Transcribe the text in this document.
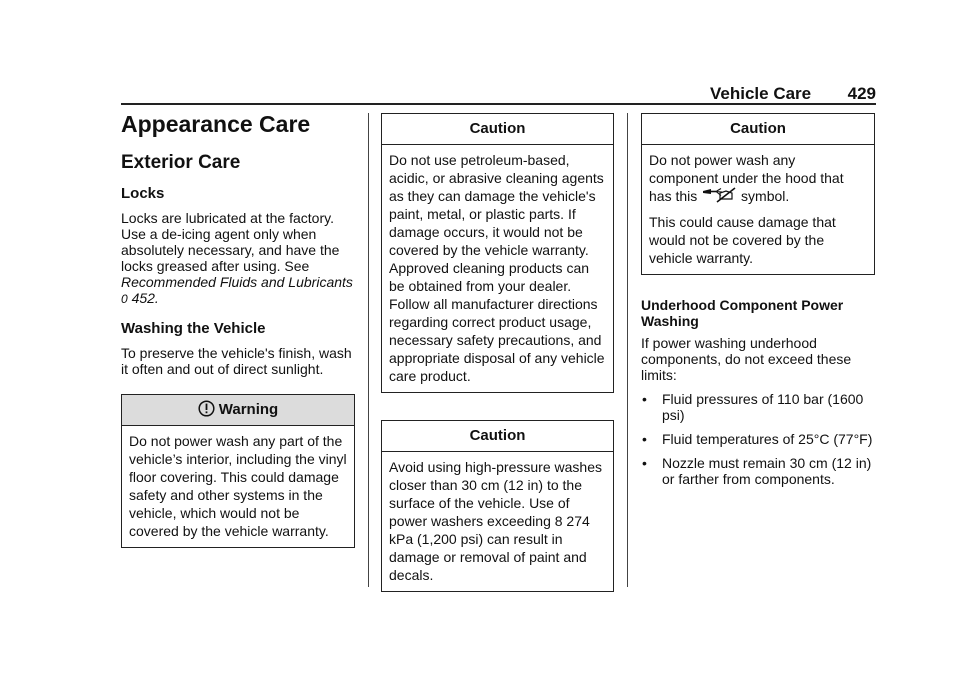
Vehicle Care 429
Appearance Care
Exterior Care
Locks

Locks are lubricated at the factory. Use a de-icing agent only when absolutely necessary, and have the locks greased after using. See Recommended Fluids and Lubricants 0 452.

Washing the Vehicle

To preserve the vehicle's finish, wash it often and out of direct sunlight.

Warning

Do not power wash any part of the vehicle’s interior, including the vinyl floor covering. This could damage safety and other systems in the vehicle, which would not be covered by the vehicle warranty.

Caution

Do not use petroleum-based, acidic, or abrasive cleaning agents as they can damage the vehicle's paint, metal, or plastic parts. If damage occurs, it would not be covered by the vehicle warranty. Approved cleaning products can be obtained from your dealer. Follow all manufacturer directions regarding correct product usage, necessary safety precautions, and appropriate disposal of any vehicle care product.

Caution

Avoid using high-pressure washes closer than 30 cm (12 in) to the surface of the vehicle. Use of power washers exceeding 8 274 kPa (1,200 psi) can result in damage or removal of paint and decals.

Caution

Do not power wash any component under the hood that has this	symbol.

This could cause damage that would not be covered by the vehicle warranty.

Underhood Component Power Washing

If power washing underhood components, do not exceed these limits:

• Fluid pressures of 110 bar (1600 psi)
• Fluid temperatures of 25°C (77°F)
• Nozzle must remain 30 cm (12 in) or farther from components.
